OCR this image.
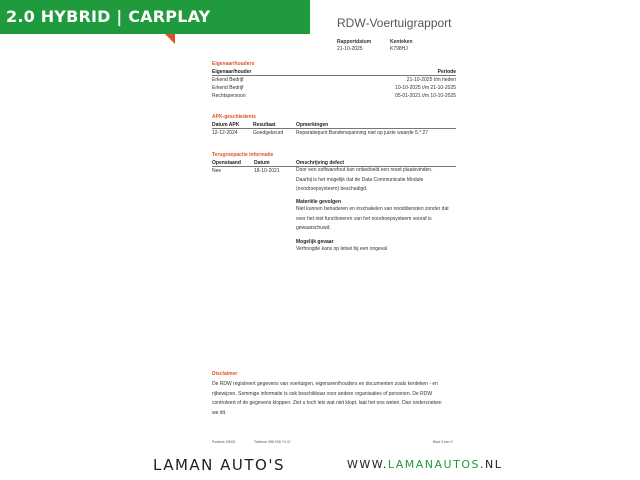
2.0 HYBRID | CARPLAY	RDW-Voertuigrapport
Rapportdatum
21-10-2025
Kenteken
K798HJ
Eigenaar/houders
Eigenaar/houder	Periode
Erkend Bedrijf	21-10-2025 t/m heden
Erkend Bedrijf	10-10-2025 t/m 21-10-2025
Rechtspersoon	05-01-2021 t/m 10-10-2025
APK-geschiedenis
Datum APK	Resultaat	Opmerkingen
12-12-2024	Goedgekeurd	Reparatiepunt Bandenspanning niet op juiste waarde 5.*.27
Terugroepactie informatie
Openstaand	Datum	Omschrijving defect
Nee	18-10-2021	Door een softwarefout kan onbedoeld een reset plaatsvinden.
Daarbij is het mogelijk dat de Data Communicatie Module
(noodroepsysteem) beschadigd.
Materiële gevolgen
Niet kunnen benaderen en inschakelen van nooddiensten zonder dat
over het niet functioneren van het noodroepsysteem vooraf is
gewaarschuwd.
Mogelijk gevaar
Verhoogde kans op letsel bij een ongeval
Disclaimer
De RDW registreert gegevens van voertuigen, eigenaren/houders en documenten zoals kenteken - en
rijbewijzen. Sommige informatie is ook beschikbaar voor andere organisaties of personen. De RDW
controleert of de gegevens kloppen. Ziet u toch iets wat niet klopt, laat het ons weten. Dan onderzoeken
we dit.
Postbus 30000	Telefoon 088 008 74 47	Blad 3 van 3
LAMAN AUTO'S	WWW.LAMANAUTOS.NL
